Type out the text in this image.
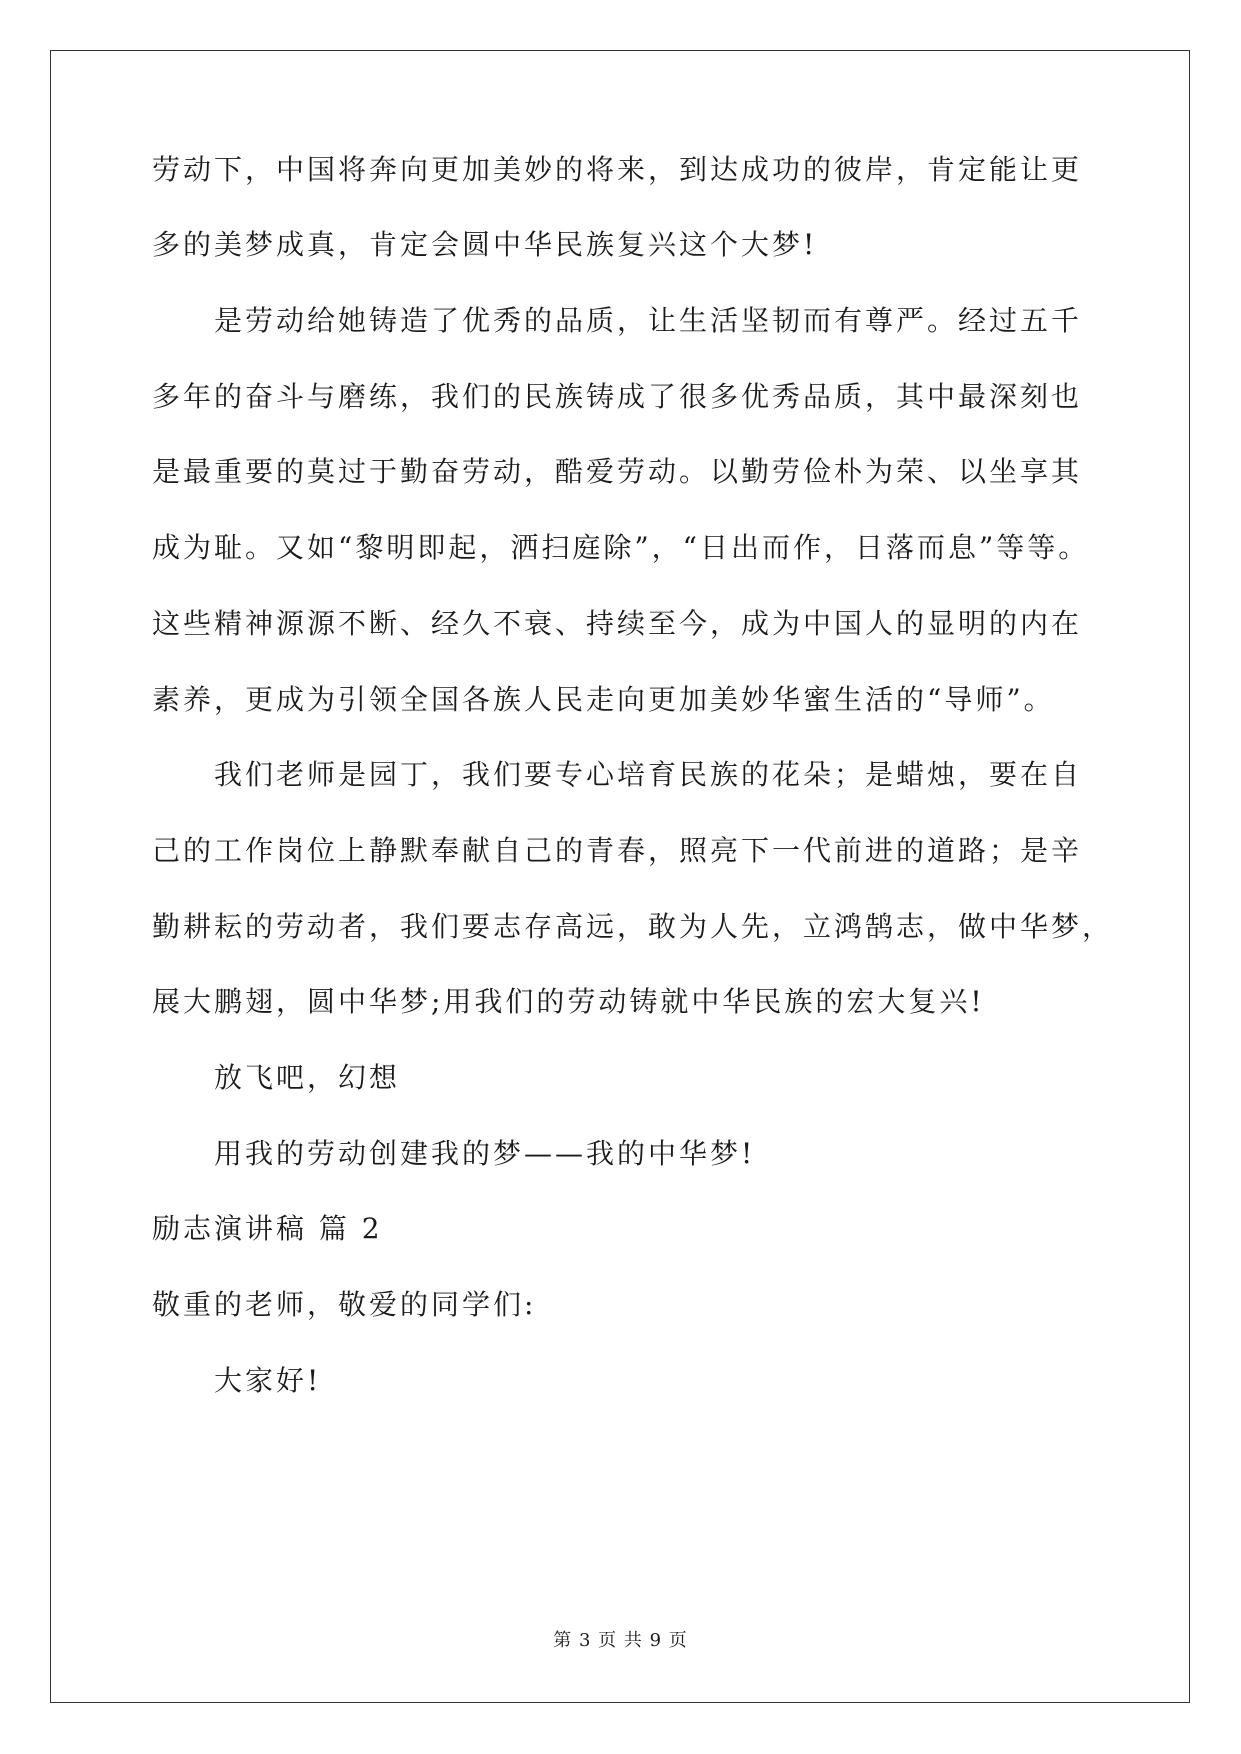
劳动下，中国将奔向更加美妙的将来，到达成功的彼岸，肯定能让更
多的美梦成真，肯定会圆中华民族复兴这个大梦!
是劳动给她铸造了优秀的品质，让生活坚韧而有尊严。经过五千
多年的奋斗与磨练，我们的民族铸成了很多优秀品质，其中最深刻也
是最重要的莫过于勤奋劳动，酷爱劳动。以勤劳俭朴为荣、以坐享其
成为耻。又如“黎明即起，洒扫庭除”，“日出而作，日落而息”等等。
这些精神源源不断、经久不衰、持续至今，成为中国人的显明的内在
素养，更成为引领全国各族人民走向更加美妙华蜜生活的“导师”。
我们老师是园丁，我们要专心培育民族的花朵；是蜡烛，要在自
己的工作岗位上静默奉献自己的青春，照亮下一代前进的道路；是辛
勤耕耘的劳动者，我们要志存高远，敢为人先，立鸿鹄志，做中华梦，
展大鹏翅，圆中华梦;用我们的劳动铸就中华民族的宏大复兴!
放飞吧，幻想
用我的劳动创建我的梦——我的中华梦!
励志演讲稿 篇 2
敬重的老师，敬爱的同学们:
大家好!
第 3 页 共 9 页
